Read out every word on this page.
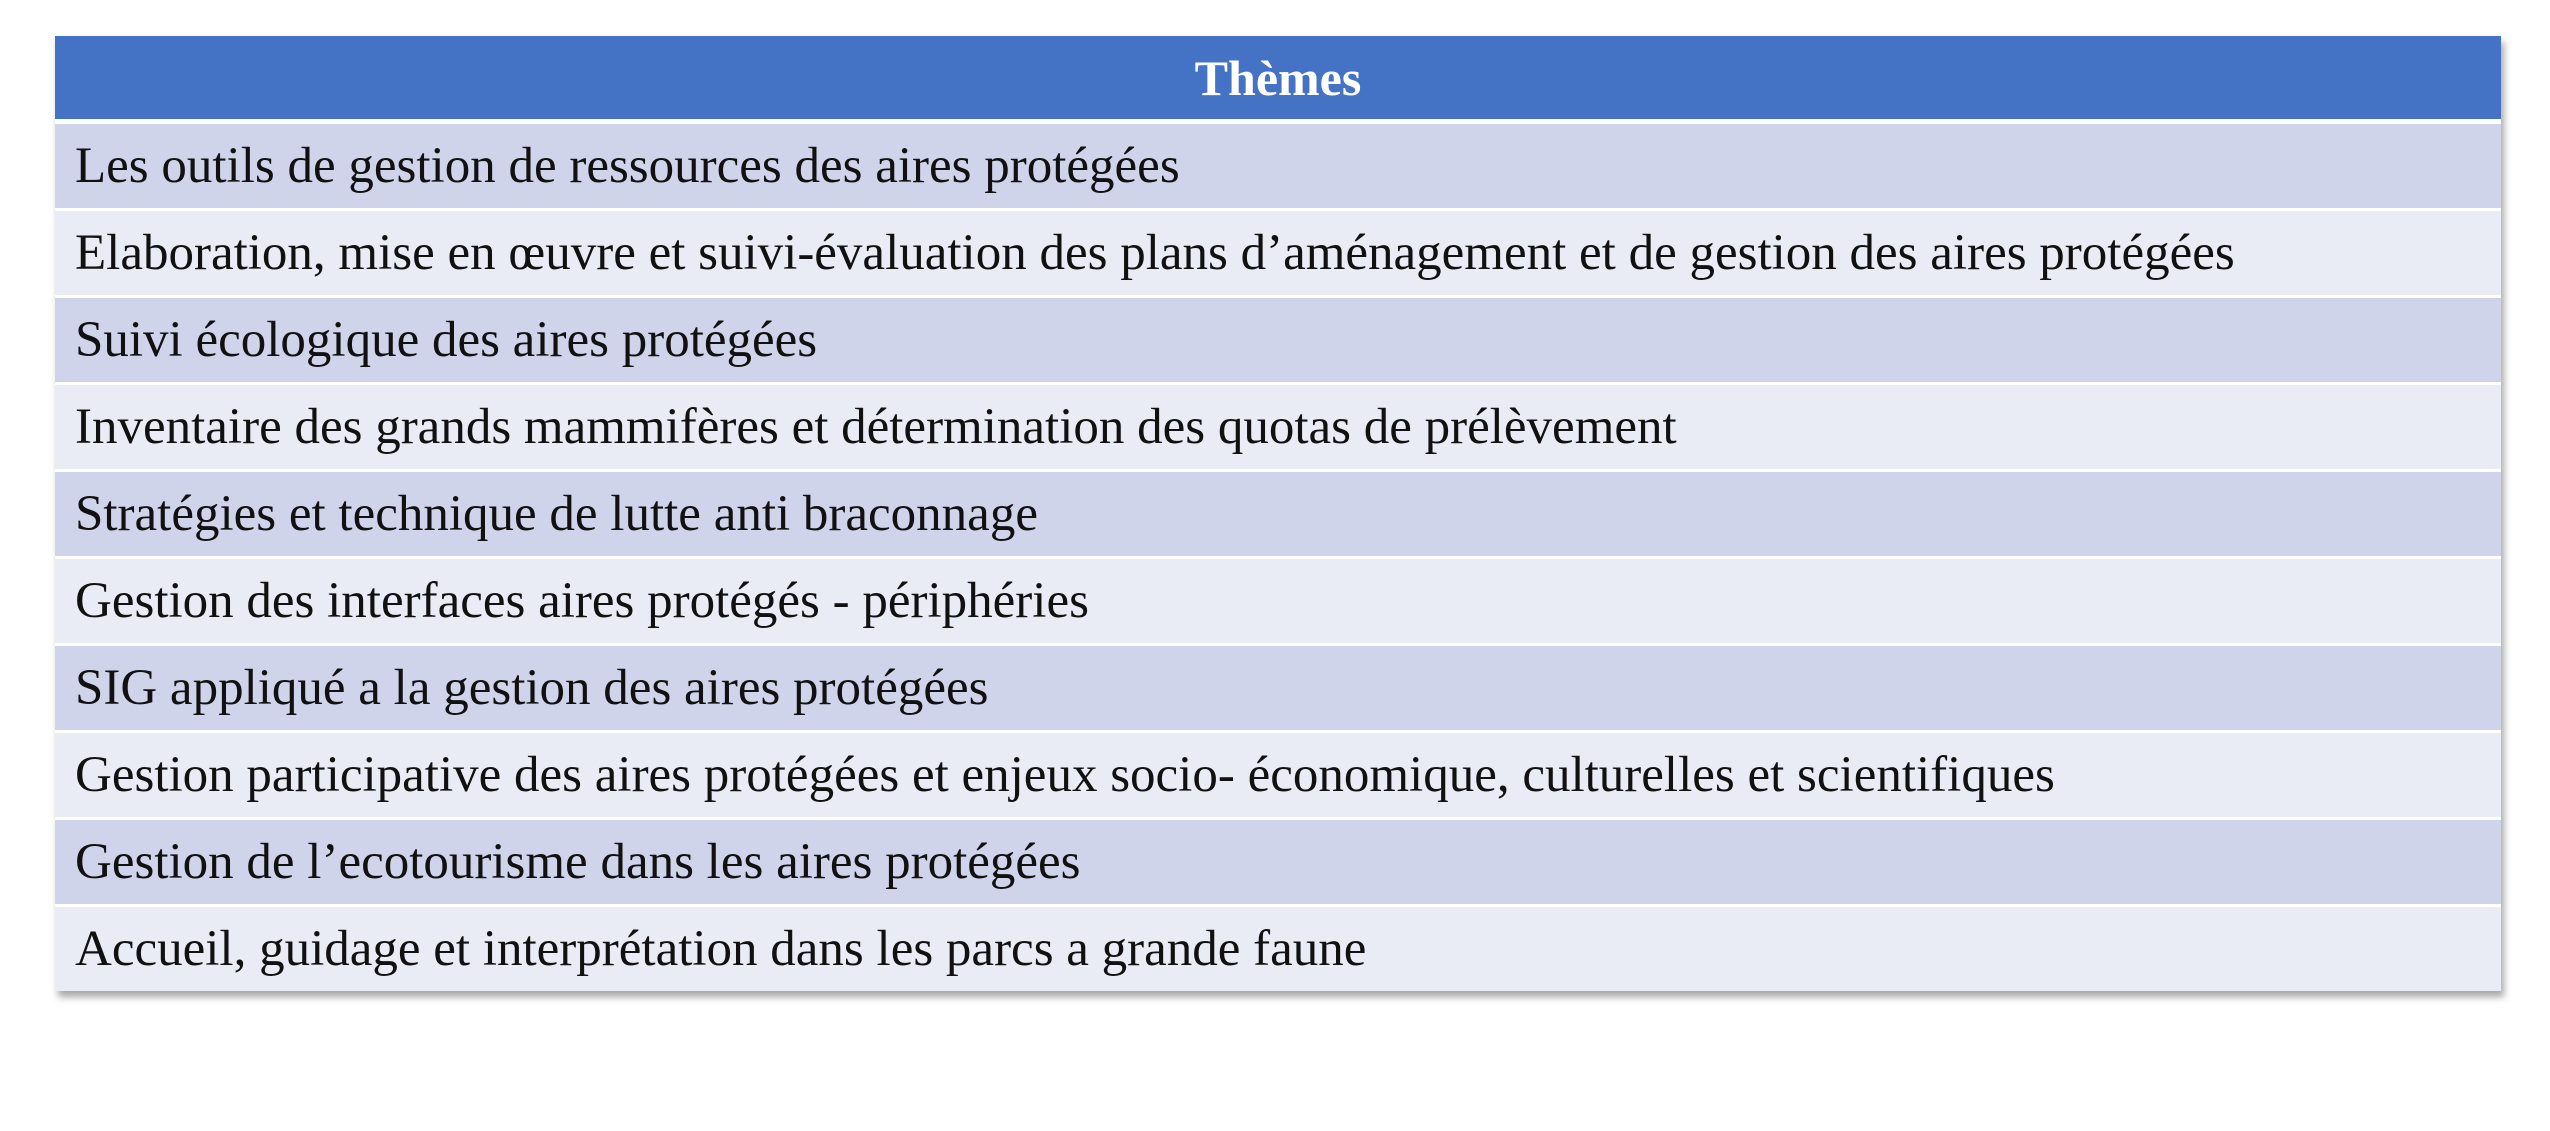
Thèmes
Les outils de gestion de ressources des aires protégées
Elaboration, mise en œuvre et suivi-évaluation des plans d’aménagement et de gestion des aires protégées
Suivi écologique des aires protégées
Inventaire des grands mammifères et détermination des quotas de prélèvement
Stratégies et technique de lutte anti braconnage
Gestion des interfaces aires protégés - périphéries
SIG appliqué a la gestion des aires protégées
Gestion participative des aires protégées et enjeux socio- économique, culturelles et scientifiques
Gestion de l’ecotourisme dans les aires protégées
Accueil, guidage et interprétation dans les parcs a grande faune
